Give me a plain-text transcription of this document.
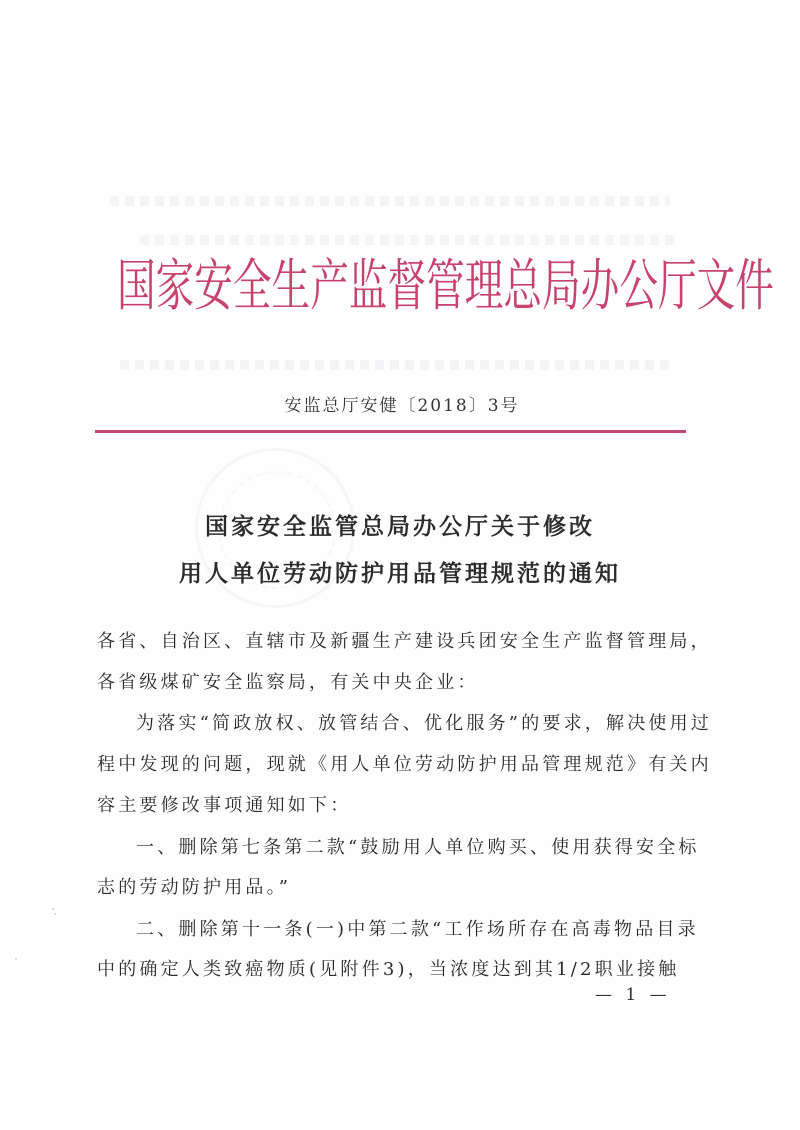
国家安全生产监督管理总局办公厅文件
安监总厅安健〔2018〕3号
国家安全监管总局办公厅关于修改
用人单位劳动防护用品管理规范的通知
各省、自治区、直辖市及新疆生产建设兵团安全生产监督管理局，
各省级煤矿安全监察局，有关中央企业：
为落实“简政放权、放管结合、优化服务”的要求，解决使用过
程中发现的问题，现就《用人单位劳动防护用品管理规范》有关内
容主要修改事项通知如下：
一、删除第七条第二款“鼓励用人单位购买、使用获得安全标
志的劳动防护用品。”
二、删除第十一条(一)中第二款“工作场所存在高毒物品目录
中的确定人类致癌物质(见附件3)，当浓度达到其1/2职业接触
— 1 —
